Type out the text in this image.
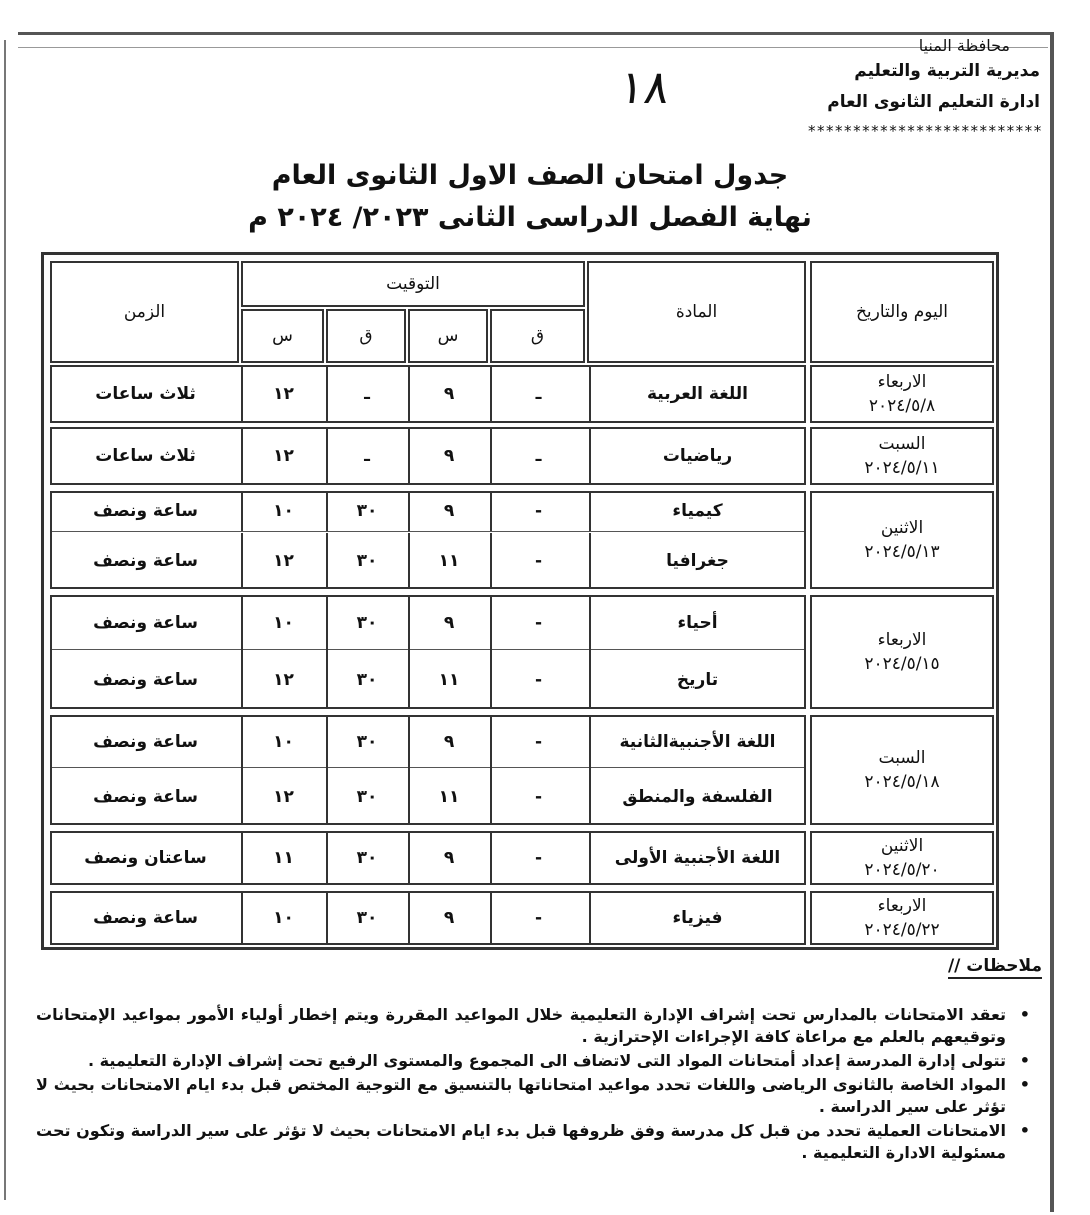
محافظة المنيا
مديرية التربية والتعليم
ادارة التعليم الثانوى العام
**************************
١٨
جدول امتحان الصف الاول الثانوى العام
نهاية الفصل الدراسى الثانى ٢٠٢٣/ ٢٠٢٤ م
اليوم والتاريخ
المادة
التوقيت
ق
س
ق
س
الزمن
الاربعاء
٢٠٢٤/٥/٨
السبت
٢٠٢٤/٥/١١
الاثنين
٢٠٢٤/٥/١٣
الاربعاء
٢٠٢٤/٥/١٥
السبت
٢٠٢٤/٥/١٨
الاثنين
٢٠٢٤/٥/٢٠
الاربعاء
٢٠٢٤/٥/٢٢
اللغة العربية
ـ
٩
ـ
١٢
ثلاث ساعات
رياضيات
ـ
٩
ـ
١٢
ثلاث ساعات
كيمياء
-
٩
٣٠
١٠
ساعة ونصف
جغرافيا
-
١١
٣٠
١٢
ساعة ونصف
أحياء
-
٩
٣٠
١٠
ساعة ونصف
تاريخ
-
١١
٣٠
١٢
ساعة ونصف
اللغة الأجنبيةالثانية
-
٩
٣٠
١٠
ساعة ونصف
الفلسفة والمنطق
-
١١
٣٠
١٢
ساعة ونصف
اللغة الأجنبية الأولى
-
٩
٣٠
١١
ساعتان ونصف
فيزياء
-
٩
٣٠
١٠
ساعة ونصف
ملاحظات //
•
تعقد الامتحانات بالمدارس تحت إشراف الإدارة التعليمية خلال المواعيد المقررة ويتم إخطار أولياء الأمور بمواعيد الإمتحانات وتوقيعهم بالعلم مع مراعاة كافة الإجراءات الإحترازية .
•
تتولى إدارة المدرسة إعداد أمتحانات المواد التى لاتضاف الى المجموع والمستوى الرفيع تحت إشراف الإدارة التعليمية .
•
المواد الخاصة بالثانوى الرياضى واللغات تحدد مواعيد امتحاناتها بالتنسيق مع التوجية المختص قبل بدء ايام الامتحانات بحيث لا تؤثر على سير الدراسة .
•
الامتحانات العملية تحدد من قبل كل مدرسة وفق ظروفها قبل بدء ايام الامتحانات بحيث لا تؤثر على سير الدراسة وتكون تحت مسئولية الادارة التعليمية .
